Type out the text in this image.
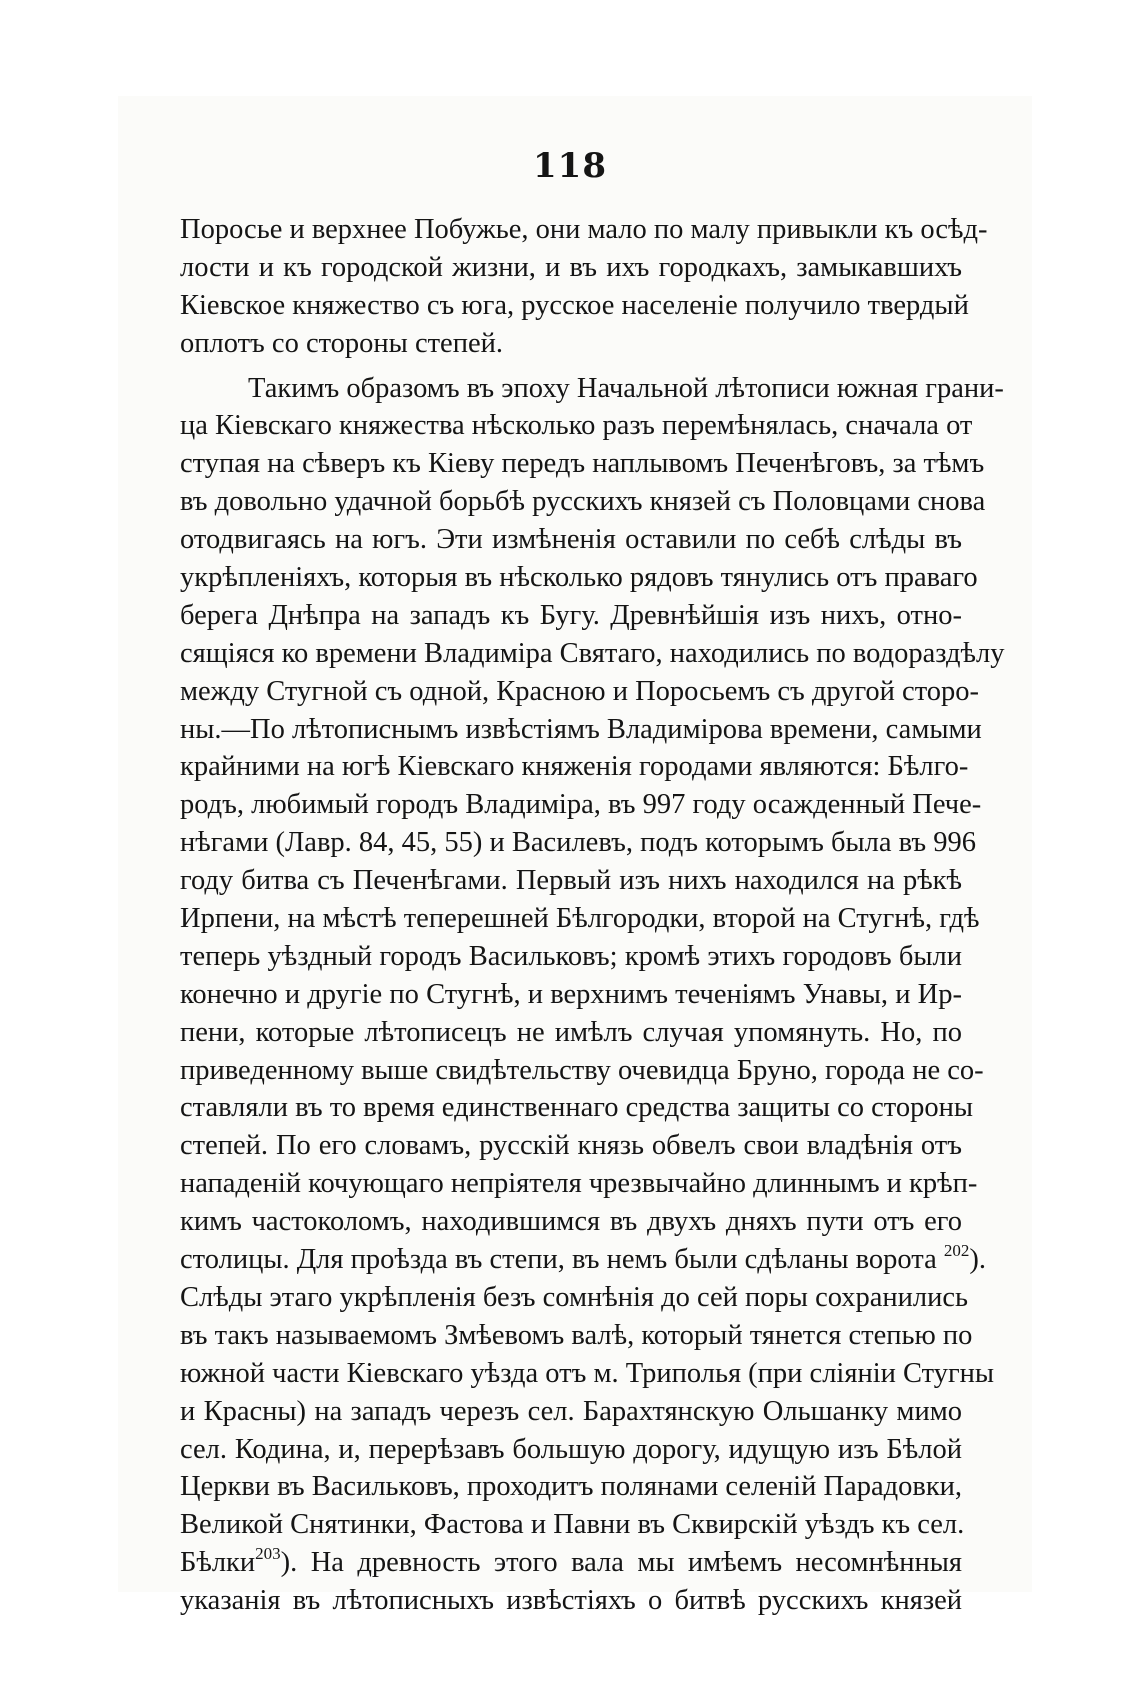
118
Поросье и верхнее Побужье, они мало по малу привыкли къ осѣд-
лости и къ городской жизни, и въ ихъ городкахъ, замыкавшихъ
Кіевское княжество съ юга, русское населеніе получило твердый
оплотъ со стороны степей.
Такимъ образомъ въ эпоху Начальной лѣтописи южная грани-
ца Кіевскаго княжества нѣсколько разъ перемѣнялась, сначала от
ступая на сѣверъ къ Кіеву передъ наплывомъ Печенѣговъ, за тѣмъ
въ довольно удачной борьбѣ русскихъ князей съ Половцами снова
отодвигаясь на югъ. Эти измѣненія оставили по себѣ слѣды въ
укрѣпленіяхъ, которыя въ нѣсколько рядовъ тянулись отъ праваго
берега Днѣпра на западъ къ Бугу. Древнѣйшія изъ нихъ, отно-
сящіяся ко времени Владиміра Святаго, находились по водораздѣлу
между Стугной съ одной, Красною и Поросьемъ съ другой сторо-
ны.—По лѣтописнымъ извѣстіямъ Владимірова времени, самыми
крайними на югѣ Кіевскаго княженія городами являются: Бѣлго-
родъ, любимый городъ Владиміра, въ 997 году осажденный Пече-
нѣгами (Лавр. 84, 45, 55) и Василевъ, подъ которымъ была въ 996
году битва съ Печенѣгами. Первый изъ нихъ находился на рѣкѣ
Ирпени, на мѣстѣ теперешней Бѣлгородки, второй на Стугнѣ, гдѣ
теперь уѣздный городъ Васильковъ; кромѣ этихъ городовъ были
конечно и другіе по Стугнѣ, и верхнимъ теченіямъ Унавы, и Ир-
пени, которые лѣтописецъ не имѣлъ случая упомянуть. Но, по
приведенному выше свидѣтельству очевидца Бруно, города не со-
ставляли въ то время единственнаго средства защиты со стороны
степей. По его словамъ, русскій князь обвелъ свои владѣнія отъ
нападеній кочующаго непріятеля чрезвычайно длиннымъ и крѣп-
кимъ частоколомъ, находившимся въ двухъ дняхъ пути отъ его
столицы. Для проѣзда въ степи, въ немъ были сдѣланы ворота $^{202}$).
Слѣды этаго укрѣпленія безъ сомнѣнія до сей поры сохранились
въ такъ называемомъ Змѣевомъ валѣ, который тянется степью по
южной части Кіевскаго уѣзда отъ м. Триполья (при сліяніи Стугны
и Красны) на западъ черезъ сел. Барахтянскую Ольшанку мимо
сел. Кодина, и, перерѣзавъ большую дорогу, идущую изъ Бѣлой
Церкви въ Васильковъ, проходитъ полянами селеній Парадовки,
Великой Снятинки, Фастова и Павни въ Сквирскій уѣздъ къ сел.
Бѣлки$^{203}$). На древность этого вала мы имѣемъ несомнѣнныя
указанія въ лѣтописныхъ извѣстіяхъ о битвѣ русскихъ князей
